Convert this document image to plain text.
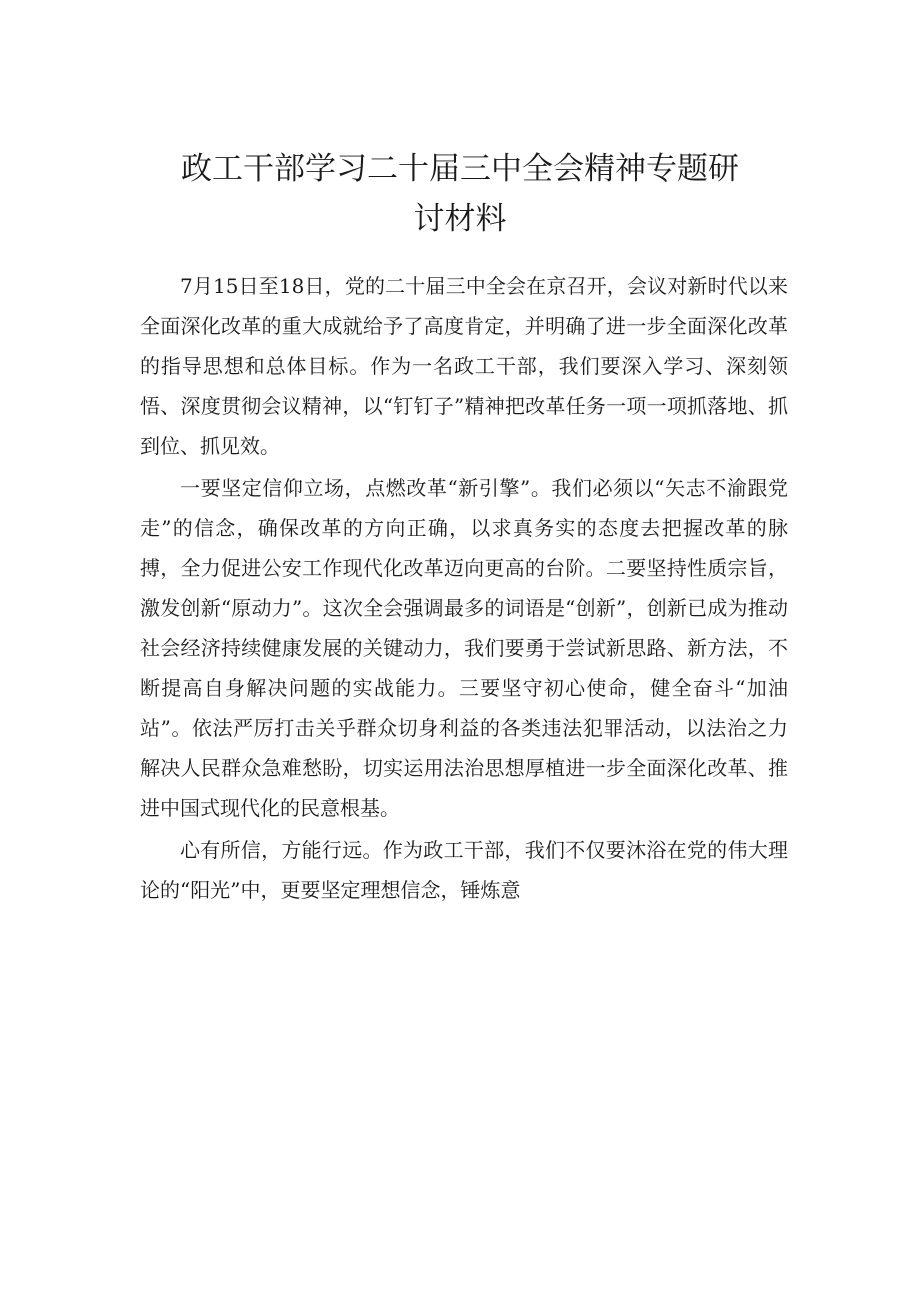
政工干部学习二十届三中全会精神专题研
讨材料

7月15日至18日，党的二十届三中全会在京召开，会议对新时代以来全面深化改革的重大成就给予了高度肯定，并明确了进一步全面深化改革的指导思想和总体目标。作为一名政工干部，我们要深入学习、深刻领悟、深度贯彻会议精神，以“钉钉子”精神把改革任务一项一项抓落地、抓到位、抓见效。

一要坚定信仰立场，点燃改革“新引擎”。我们必须以“矢志不渝跟党走”的信念，确保改革的方向正确，以求真务实的态度去把握改革的脉搏，全力促进公安工作现代化改革迈向更高的台阶。二要坚持性质宗旨，激发创新“原动力”。这次全会强调最多的词语是“创新”，创新已成为推动社会经济持续健康发展的关键动力，我们要勇于尝试新思路、新方法，不断提高自身解决问题的实战能力。三要坚守初心使命，健全奋斗“加油站”。依法严厉打击关乎群众切身利益的各类违法犯罪活动，以法治之力解决人民群众急难愁盼，切实运用法治思想厚植进一步全面深化改革、推进中国式现代化的民意根基。

心有所信，方能行远。作为政工干部，我们不仅要沐浴在党的伟大理论的“阳光”中，更要坚定理想信念，锤炼意
